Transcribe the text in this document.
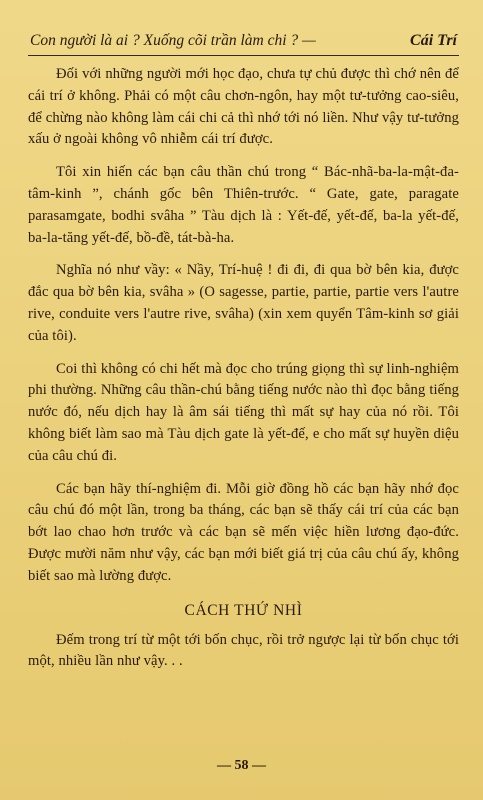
Con người là ai ? Xuống cõi trần làm chi ? —	Cái Trí

Đối với những người mới học đạo, chưa tự chủ được thì chớ nên để cái trí ở không. Phải có một câu chơn-ngôn, hay một tư-tưởng cao-siêu, để chừng nào không làm cái chi cả thì nhớ tới nó liền. Như vậy tư-tưởng xấu ở ngoài không vô nhiễm cái trí được.

Tôi xin hiến các bạn câu thần chú trong “ Bác-nhã-ba-la-mật-đa-tâm-kinh ”, chánh gốc bên Thiên-trước. “ Gate, gate, paragate parasamgate, bodhi svâha ” Tàu dịch là : Yết-đế, yết-đế, ba-la yết-đế, ba-la-tăng yết-đế, bồ-đề, tát-bà-ha.

Nghĩa nó như vầy: « Nầy, Trí-huệ ! đi đi, đi qua bờ bên kia, được đắc qua bờ bên kia, svâha » (O sagesse, partie, partie, partie vers l'autre rive, conduite vers l'autre rive, svâha) (xin xem quyển Tâm-kinh sơ giải của tôi).

Coi thì không có chi hết mà đọc cho trúng giọng thì sự linh-nghiệm phi thường. Những câu thần-chú bằng tiếng nước nào thì đọc bằng tiếng nước đó, nếu dịch hay là âm sái tiếng thì mất sự hay của nó rồi. Tôi không biết làm sao mà Tàu dịch gate là yết-đế, e cho mất sự huyền diệu của câu chú đi.

Các bạn hãy thí-nghiệm đi. Mỗi giờ đồng hồ các bạn hãy nhớ đọc câu chú đó một lần, trong ba tháng, các bạn sẽ thấy cái trí của các bạn bớt lao chao hơn trước và các bạn sẽ mến việc hiền lương đạo-đức. Được mười năm như vậy, các bạn mới biết giá trị của câu chú ấy, không biết sao mà lường được.

CÁCH THỨ NHÌ

Đếm trong trí từ một tới bốn chục, rồi trở ngược lại từ bốn chục tới một, nhiều lần như vậy. . .

— 58 —
